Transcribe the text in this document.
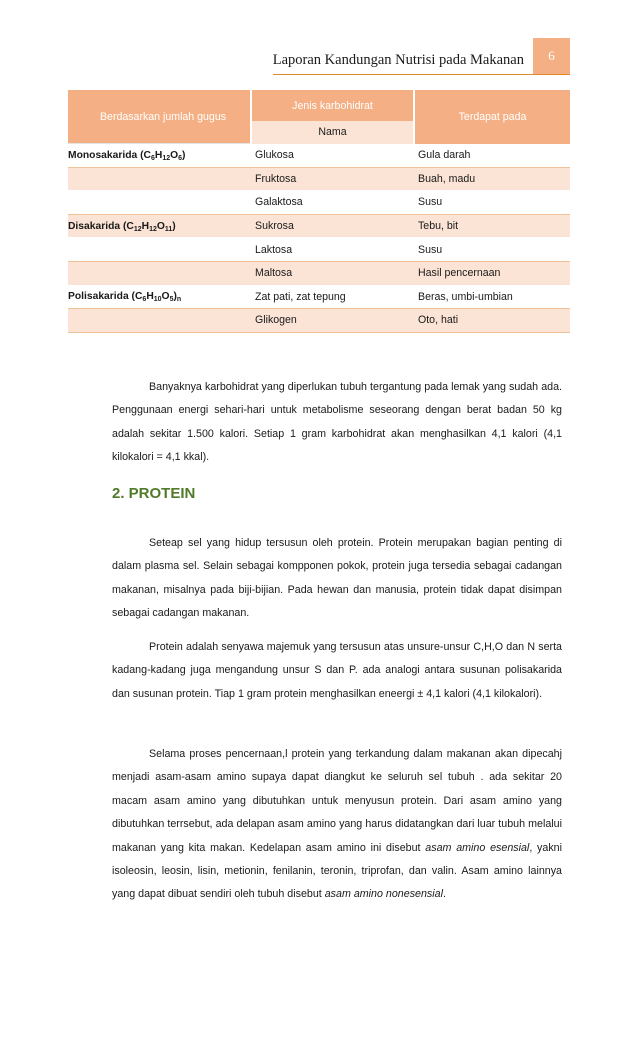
Laporan Kandungan Nutrisi pada Makanan	6
Berdasarkan jumlah gugus	Jenis karbohidrat	Terdapat pada
	Nama	
Monosakarida $(C_6H_{12}O_6)$	Glukosa	Gula darah
	Fruktosa	Buah, madu
	Galaktosa	Susu
Disakarida $(C_{12}H_{12}O_{11})$	Sukrosa	Tebu, bit
	Laktosa	Susu
	Maltosa	Hasil pencernaan
Polisakarida $(C_6H_{10}O_5)_n$	Zat pati, zat tepung	Beras, umbi-umbian
	Glikogen	Oto, hati

Banyaknya karbohidrat yang diperlukan tubuh tergantung pada lemak yang sudah ada. Penggunaan energi sehari-hari untuk metabolisme seseorang dengan berat badan 50 kg adalah sekitar 1.500 kalori. Setiap 1 gram karbohidrat akan menghasilkan 4,1 kalori (4,1 kilokalori = 4,1 kkal).

2. PROTEIN

Seteap sel yang hidup tersusun oleh protein. Protein merupakan bagian penting di dalam plasma sel. Selain sebagai kompponen pokok, protein juga tersedia sebagai cadangan makanan, misalnya pada biji-bijian. Pada hewan dan manusia, protein tidak dapat disimpan sebagai cadangan makanan.

Protein adalah senyawa majemuk yang tersusun atas unsure-unsur C,H,O dan N serta kadang-kadang juga mengandung unsur S dan P. ada analogi antara susunan polisakarida dan susunan protein. Tiap 1 gram protein menghasilkan eneergi ± 4,1 kalori (4,1 kilokalori).

Selama proses pencernaan,l protein yang terkandung dalam makanan akan dipecahj menjadi asam-asam amino supaya dapat diangkut ke seluruh sel tubuh . ada sekitar 20 macam asam amino yang dibutuhkan untuk menyusun protein. Dari asam amino yang dibutuhkan terrsebut, ada delapan asam amino yang harus didatangkan dari luar tubuh melalui makanan yang kita makan. Kedelapan asam amino ini disebut asam amino esensial, yakni isoleosin, leosin, lisin, metionin, fenilanin, teronin, triprofan, dan valin. Asam amino lainnya yang dapat dibuat sendiri oleh tubuh disebut asam amino nonesensial.
